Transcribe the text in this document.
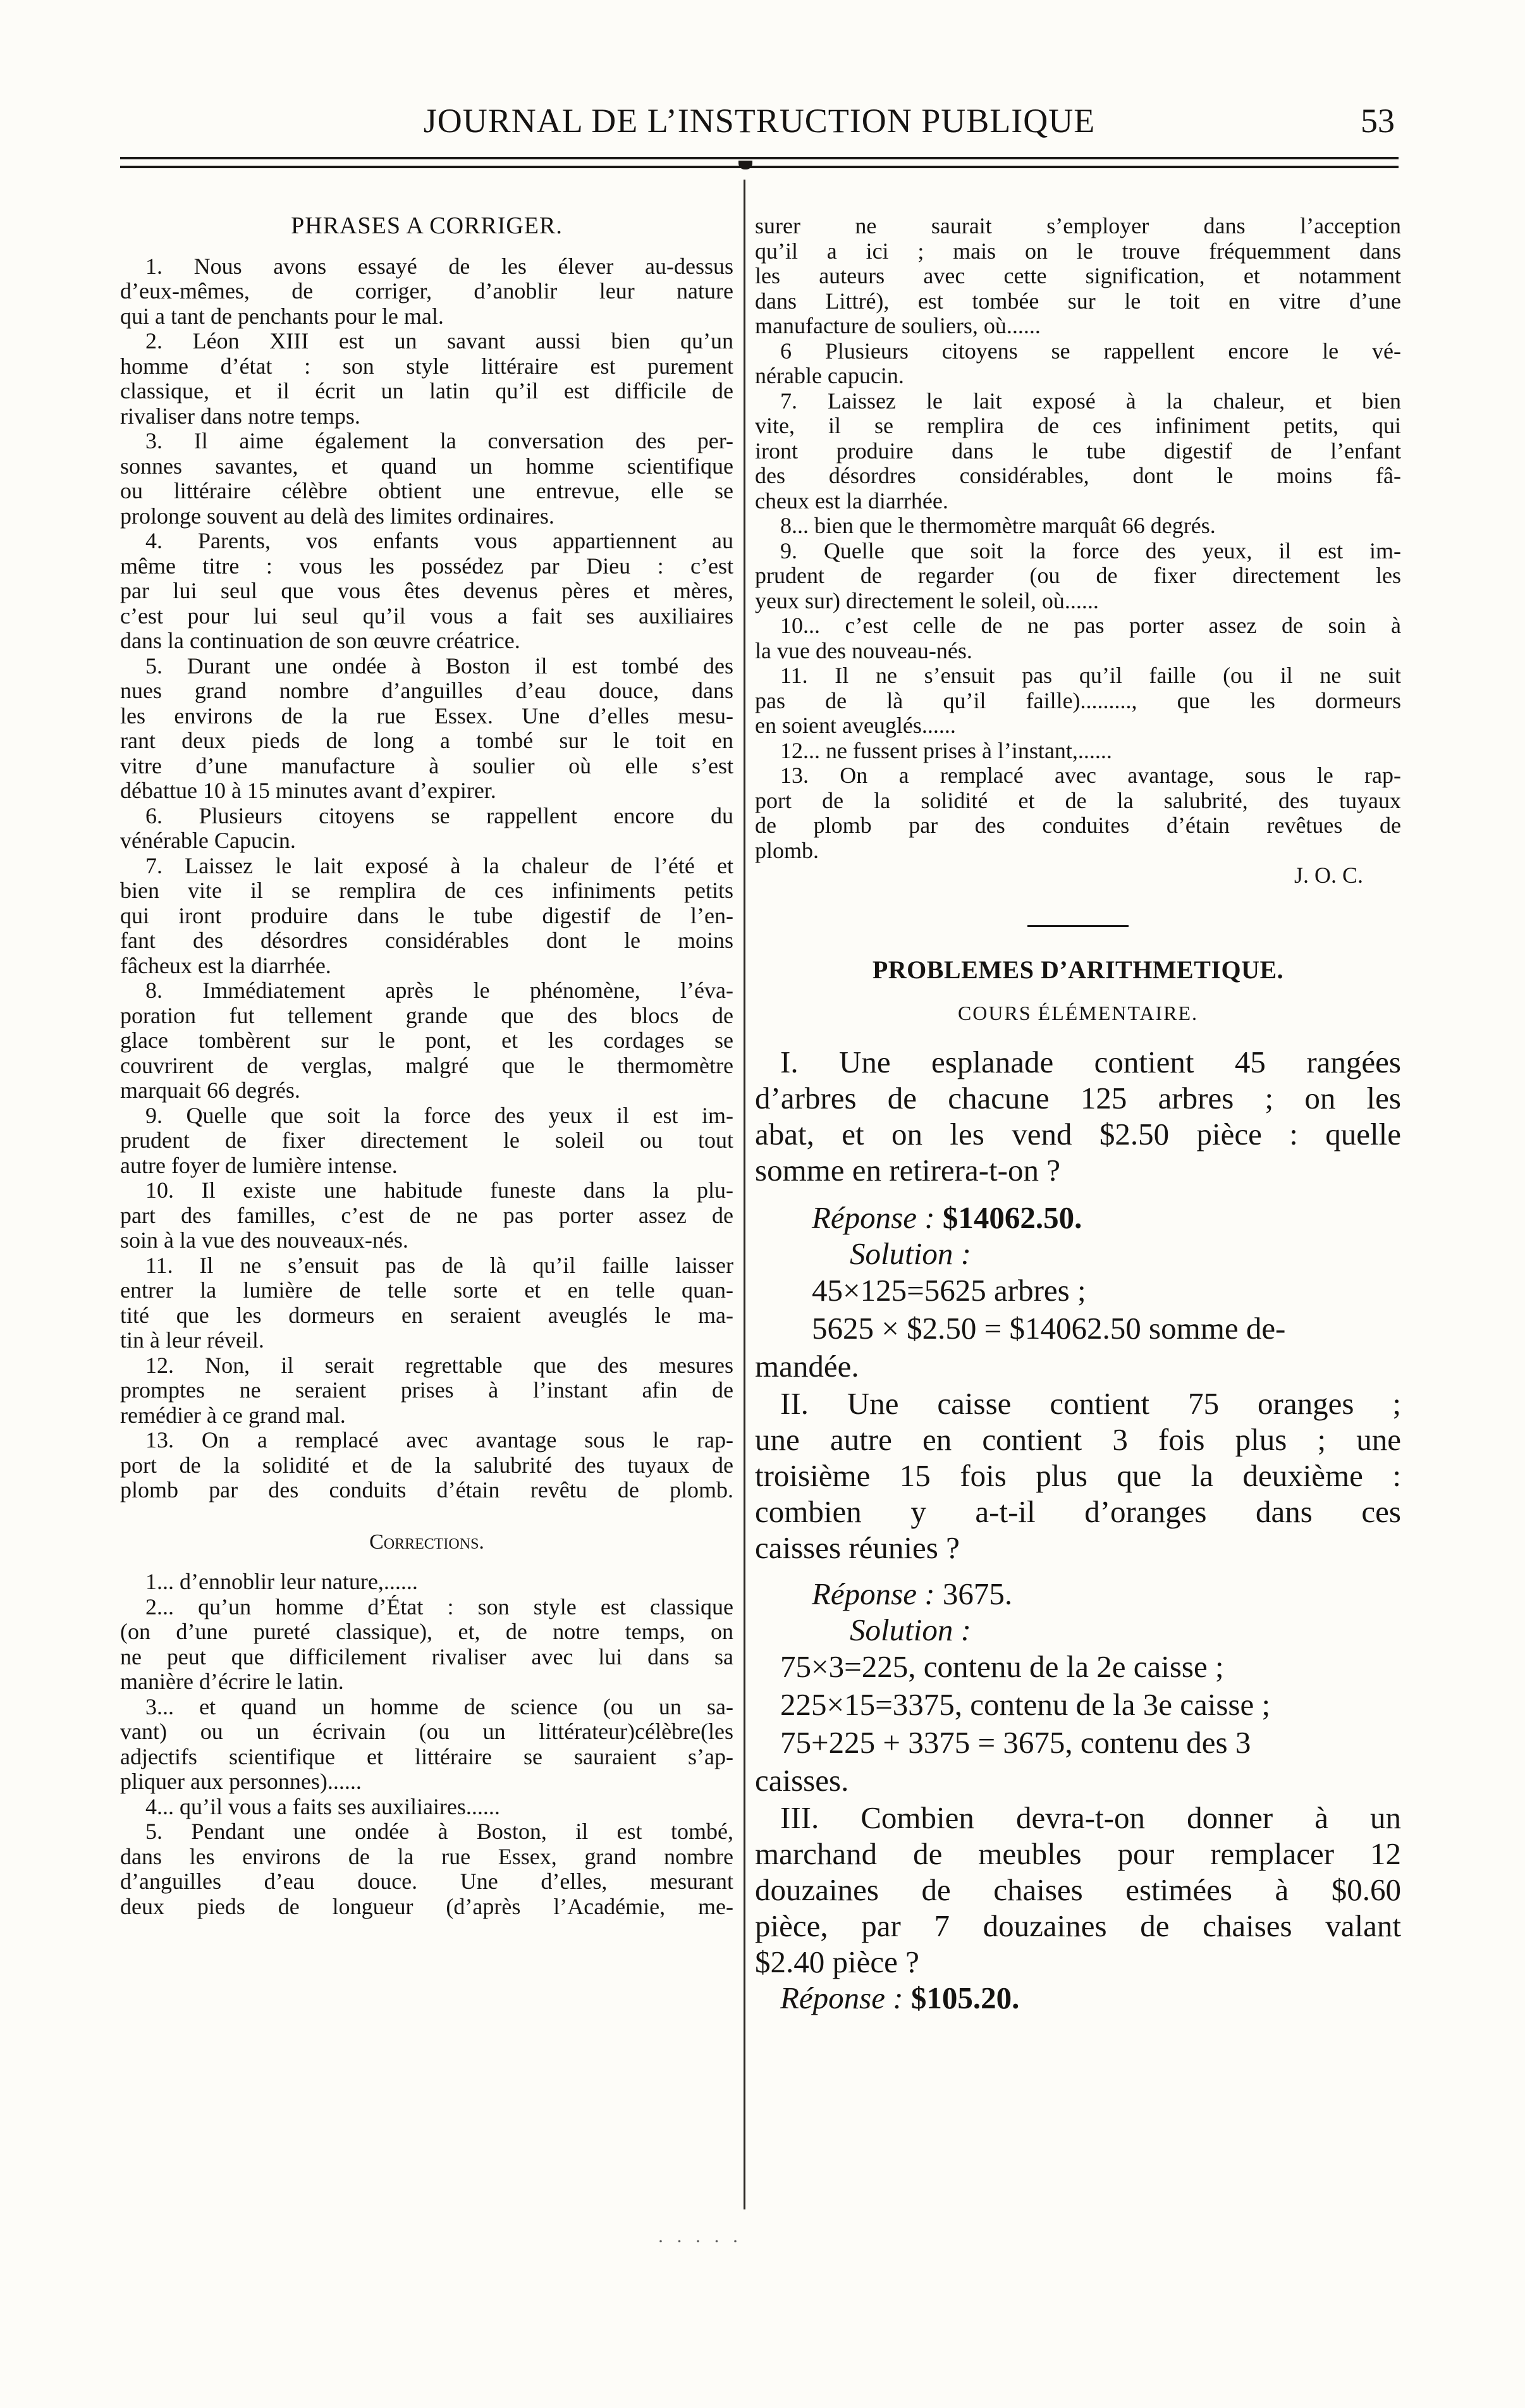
JOURNAL DE L’INSTRUCTION PUBLIQUE	53
PHRASES A CORRIGER.
1. Nous avons essayé de les élever au-dessus
d’eux-mêmes, de corriger, d’anoblir leur nature
qui a tant de penchants pour le mal.
2. Léon XIII est un savant aussi bien qu’un
homme d’état : son style littéraire est purement
classique, et il écrit un latin qu’il est difficile de
rivaliser dans notre temps.
3. Il aime également la conversation des per-
sonnes savantes, et quand un homme scientifique
ou littéraire célèbre obtient une entrevue, elle se
prolonge souvent au delà des limites ordinaires.
4. Parents, vos enfants vous appartiennent au
même titre : vous les possédez par Dieu : c’est
par lui seul que vous êtes devenus pères et mères,
c’est pour lui seul qu’il vous a fait ses auxiliaires
dans la continuation de son œuvre créatrice.
5. Durant une ondée à Boston il est tombé des
nues grand nombre d’anguilles d’eau douce, dans
les environs de la rue Essex. Une d’elles mesu-
rant deux pieds de long a tombé sur le toit en
vitre d’une manufacture à soulier où elle s’est
débattue 10 à 15 minutes avant d’expirer.
6. Plusieurs citoyens se rappellent encore du
vénérable Capucin.
7. Laissez le lait exposé à la chaleur de l’été et
bien vite il se remplira de ces infiniments petits
qui iront produire dans le tube digestif de l’en-
fant des désordres considérables dont le moins
fâcheux est la diarrhée.
8. Immédiatement après le phénomène, l’éva-
poration fut tellement grande que des blocs de
glace tombèrent sur le pont, et les cordages se
couvrirent de verglas, malgré que le thermomètre
marquait 66 degrés.
9. Quelle que soit la force des yeux il est im-
prudent de fixer directement le soleil ou tout
autre foyer de lumière intense.
10. Il existe une habitude funeste dans la plu-
part des familles, c’est de ne pas porter assez de
soin à la vue des nouveaux-nés.
11. Il ne s’ensuit pas de là qu’il faille laisser
entrer la lumière de telle sorte et en telle quan-
tité que les dormeurs en seraient aveuglés le ma-
tin à leur réveil.
12. Non, il serait regrettable que des mesures
promptes ne seraient prises à l’instant afin de
remédier à ce grand mal.
13. On a remplacé avec avantage sous le rap-
port de la solidité et de la salubrité des tuyaux de
plomb par des conduits d’étain revêtu de plomb.
Corrections.
1... d’ennoblir leur nature,......
2... qu’un homme d’État : son style est classique
(on d’une pureté classique), et, de notre temps, on
ne peut que difficilement rivaliser avec lui dans sa
manière d’écrire le latin.
3... et quand un homme de science (ou un sa-
vant) ou un écrivain (ou un littérateur)célèbre(les
adjectifs scientifique et littéraire se sauraient s’ap-
pliquer aux personnes)......
4... qu’il vous a faits ses auxiliaires......
5. Pendant une ondée à Boston, il est tombé,
dans les environs de la rue Essex, grand nombre
d’anguilles d’eau douce. Une d’elles, mesurant
deux pieds de longueur (d’après l’Académie, me-
surer ne saurait s’employer dans l’acception
qu’il a ici ; mais on le trouve fréquemment dans
les auteurs avec cette signification, et notamment
dans Littré), est tombée sur le toit en vitre d’une
manufacture de souliers, où......
6 Plusieurs citoyens se rappellent encore le vé-
nérable capucin.
7. Laissez le lait exposé à la chaleur, et bien
vite, il se remplira de ces infiniment petits, qui
iront produire dans le tube digestif de l’enfant
des désordres considérables, dont le moins fâ-
cheux est la diarrhée.
8... bien que le thermomètre marquât 66 degrés.
9. Quelle que soit la force des yeux, il est im-
prudent de regarder (ou de fixer directement les
yeux sur) directement le soleil, où......
10... c’est celle de ne pas porter assez de soin à
la vue des nouveau-nés.
11. Il ne s’ensuit pas qu’il faille (ou il ne suit
pas de là qu’il faille)........., que les dormeurs
en soient aveuglés......
12... ne fussent prises à l’instant,......
13. On a remplacé avec avantage, sous le rap-
port de la solidité et de la salubrité, des tuyaux
de plomb par des conduites d’étain revêtues de
plomb.
J. O. C.
PROBLEMES D’ARITHMETIQUE.
COURS ÉLÉMENTAIRE.
I. Une esplanade contient 45 rangées
d’arbres de chacune 125 arbres ; on les
abat, et on les vend $2.50 pièce : quelle
somme en retirera-t-on ?
Réponse : $14062.50.
Solution :
45×125=5625 arbres ;
5625 × $2.50 = $14062.50 somme de-
mandée.
II. Une caisse contient 75 oranges ;
une autre en contient 3 fois plus ; une
troisième 15 fois plus que la deuxième :
combien y a-t-il d’oranges dans ces
caisses réunies ?
Réponse : 3675.
Solution :
75×3=225, contenu de la 2e caisse ;
225×15=3375, contenu de la 3e caisse ;
75+225 + 3375 = 3675, contenu des 3
caisses.
III. Combien devra-t-on donner à un
marchand de meubles pour remplacer 12
douzaines de chaises estimées à $0.60
pièce, par 7 douzaines de chaises valant
$2.40 pièce ?
Réponse : $105.20.
· · · · ·
